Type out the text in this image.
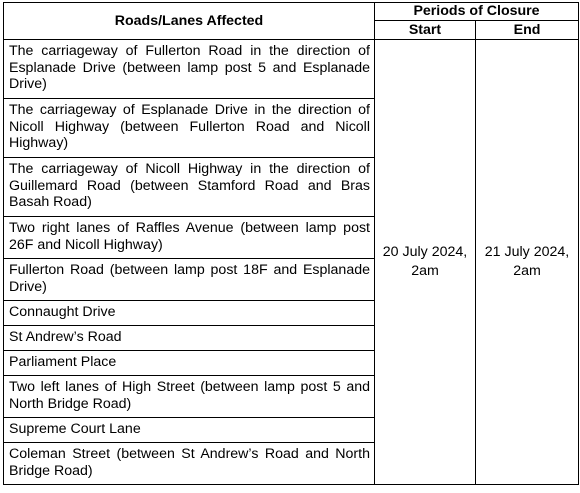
Roads/Lanes Affected	Periods of Closure	
	Start	End
The carriageway of Fullerton Road in the direction of Esplanade Drive (between lamp post 5 and Esplanade Drive)	20 July 2024, 2am	21 July 2024, 2am
The carriageway of Esplanade Drive in the direction of Nicoll Highway (between Fullerton Road and Nicoll Highway)		
The carriageway of Nicoll Highway in the direction of Guillemard Road (between Stamford Road and Bras Basah Road)		
Two right lanes of Raffles Avenue (between lamp post 26F and Nicoll Highway)		
Fullerton Road (between lamp post 18F and Esplanade Drive)		
Connaught Drive		
St Andrew’s Road		
Parliament Place		
Two left lanes of High Street (between lamp post 5 and North Bridge Road)		
Supreme Court Lane		
Coleman Street (between St Andrew’s Road and North Bridge Road)		
